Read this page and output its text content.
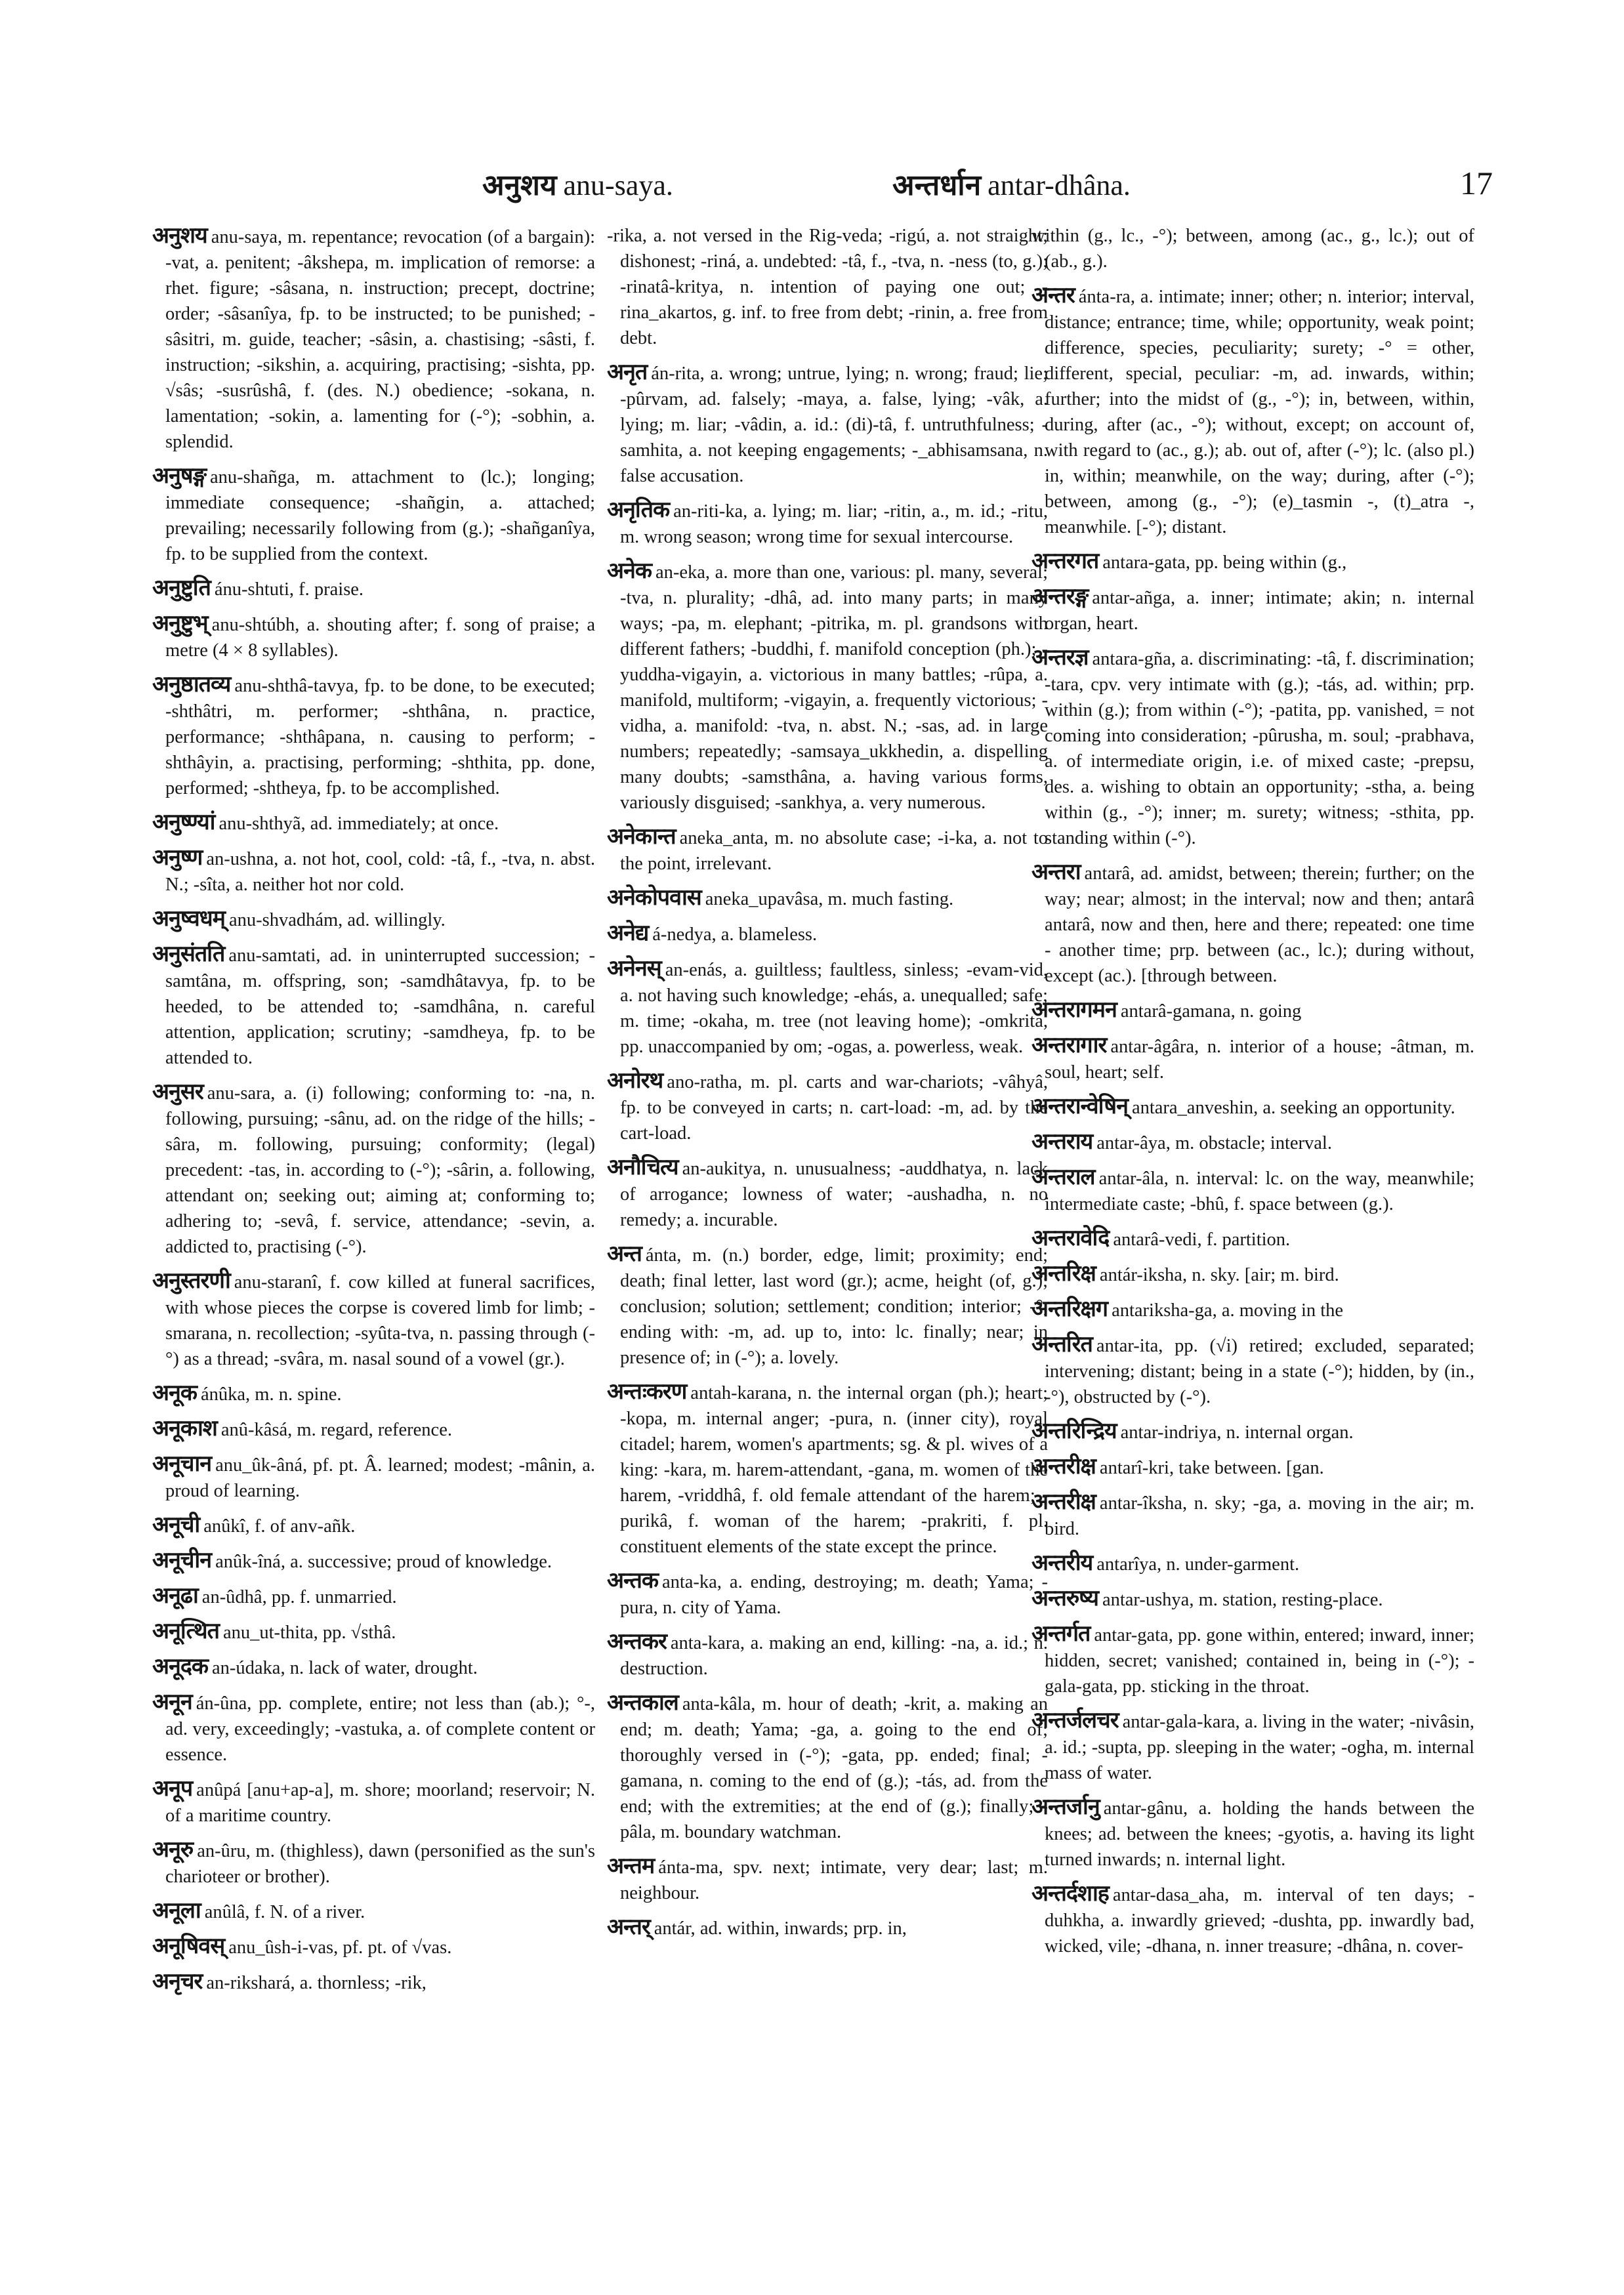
अनुशय anu-saya.	अन्तर्धान antar-dhâna.	17

अनुशय anu-saya, m. repentance; revocation (of a bargain): -vat, a. penitent; -âkshepa, m. implication of remorse: a rhet. figure; -sâsana, n. instruction; precept, doctrine; order; -sâsanîya, fp. to be instructed; to be punished; -sâsitri, m. guide, teacher; -sâsin, a. chastising; -sâsti, f. instruction; -sikshin, a. acquiring, practising; -sishta, pp. √sâs; -susrûshâ, f. (des. N.) obedience; -sokana, n. lamentation; -sokin, a. lamenting for (-°); -sobhin, a. splendid.

अनुषङ्ग anu-shañga, m. attachment to (lc.); longing; immediate consequence; -shañgin, a. attached; prevailing; necessarily following from (g.); -shañganîya, fp. to be supplied from the context.

अनुष्टुति ánu-shtuti, f. praise.

अनुष्टुभ् anu-shtúbh, a. shouting after; f. song of praise; a metre (4 × 8 syllables).

अनुष्ठातव्य anu-shthâ-tavya, fp. to be done, to be executed; -shthâtri, m. performer; -shthâna, n. practice, performance; -shthâpana, n. causing to perform; -shthâyin, a. practising, performing; -shthita, pp. done, performed; -shtheya, fp. to be accomplished.

अनुष्ण्यां anu-shthyã, ad. immediately; at once.

अनुष्ण an-ushna, a. not hot, cool, cold: -tâ, f., -tva, n. abst. N.; -sîta, a. neither hot nor cold.

अनुष्वधम् anu-shvadhám, ad. willingly.

अनुसंतति anu-samtati, ad. in uninterrupted succession; -samtâna, m. offspring, son; -samdhâtavya, fp. to be heeded, to be attended to; -samdhâna, n. careful attention, application; scrutiny; -samdheya, fp. to be attended to.

अनुसर anu-sara, a. (i) following; conforming to: -na, n. following, pursuing; -sânu, ad. on the ridge of the hills; -sâra, m. following, pursuing; conformity; (legal) precedent: -tas, in. according to (-°); -sârin, a. following, attendant on; seeking out; aiming at; conforming to; adhering to; -sevâ, f. service, attendance; -sevin, a. addicted to, practising (-°).

अनुस्तरणी anu-staranî, f. cow killed at funeral sacrifices, with whose pieces the corpse is covered limb for limb; -smarana, n. recollection; -syûta-tva, n. passing through (-°) as a thread; -svâra, m. nasal sound of a vowel (gr.).

अनूक ánûka, m. n. spine.

अनूकाश anû-kâsá, m. regard, reference.

अनूचान anu_ûk-âná, pf. pt. Â. learned; modest; -mânin, a. proud of learning.

अनूची anûkî, f. of anv-añk.

अनूचीन anûk-îná, a. successive; proud of knowledge.

अनूढा an-ûdhâ, pp. f. unmarried.

अनूत्थित anu_ut-thita, pp. √sthâ.

अनूदक an-údaka, n. lack of water, drought.

अनून án-ûna, pp. complete, entire; not less than (ab.); °-, ad. very, exceedingly; -vastuka, a. of complete content or essence.

अनूप anûpá [anu+ap-a], m. shore; moorland; reservoir; N. of a maritime country.

अनूरु an-ûru, m. (thighless), dawn (personified as the sun's charioteer or brother).

अनूला anûlâ, f. N. of a river.

अनूषिवस् anu_ûsh-i-vas, pf. pt. of √vas.

अनृचर an-rikshará, a. thornless; -rik,

-rika, a. not versed in the Rig-veda; -rigú, a. not straight; dishonest; -riná, a. undebted: -tâ, f., -tva, n. -ness (to, g.); -rinatâ-kritya, n. intention of paying one out; -rina_akartos, g. inf. to free from debt; -rinin, a. free from debt.

अनृत án-rita, a. wrong; untrue, lying; n. wrong; fraud; lie; -pûrvam, ad. falsely; -maya, a. false, lying; -vâk, a. lying; m. liar; -vâdin, a. id.: (di)-tâ, f. untruthfulness; -samhita, a. not keeping engagements; -_abhisamsana, n. false accusation.

अनृतिक an-riti-ka, a. lying; m. liar; -ritin, a., m. id.; -ritu, m. wrong season; wrong time for sexual intercourse.

अनेक an-eka, a. more than one, various: pl. many, several; -tva, n. plurality; -dhâ, ad. into many parts; in many ways; -pa, m. elephant; -pitrika, m. pl. grandsons with different fathers; -buddhi, f. manifold conception (ph.); -yuddha-vigayin, a. victorious in many battles; -rûpa, a. manifold, multiform; -vigayin, a. frequently victorious; -vidha, a. manifold: -tva, n. abst. N.; -sas, ad. in large numbers; repeatedly; -samsaya_ukkhedin, a. dispelling many doubts; -samsthâna, a. having various forms, variously disguised; -sankhya, a. very numerous.

अनेकान्त aneka_anta, m. no absolute case; -i-ka, a. not to the point, irrelevant.

अनेकोपवास aneka_upavâsa, m. much fasting.

अनेद्य á-nedya, a. blameless.

अनेनस् an-enás, a. guiltless; faultless, sinless; -evam-vid, a. not having such knowledge; -ehás, a. unequalled; safe; m. time; -okaha, m. tree (not leaving home); -omkrita, pp. unaccompanied by om; -ogas, a. powerless, weak.

अनोरथ ano-ratha, m. pl. carts and war-chariots; -vâhyâ, fp. to be conveyed in carts; n. cart-load: -m, ad. by the cart-load.

अनौचित्य an-aukitya, n. unusualness; -auddhatya, n. lack of arrogance; lowness of water; -aushadha, n. no remedy; a. incurable.

अन्त ánta, m. (n.) border, edge, limit; proximity; end; death; final letter, last word (gr.); acme, height (of, g.); conclusion; solution; settlement; condition; interior; -°, ending with: -m, ad. up to, into: lc. finally; near; in presence of; in (-°); a. lovely.

अन्तःकरण antah-karana, n. the internal organ (ph.); heart; -kopa, m. internal anger; -pura, n. (inner city), royal citadel; harem, women's apartments; sg. & pl. wives of a king: -kara, m. harem-attendant, -gana, m. women of the harem, -vriddhâ, f. old female attendant of the harem; -purikâ, f. woman of the harem; -prakriti, f. pl. constituent elements of the state except the prince.

अन्तक anta-ka, a. ending, destroying; m. death; Yama; -pura, n. city of Yama.

अन्तकर anta-kara, a. making an end, killing: -na, a. id.; n. destruction.

अन्तकाल anta-kâla, m. hour of death; -krit, a. making an end; m. death; Yama; -ga, a. going to the end of; thoroughly versed in (-°); -gata, pp. ended; final; -gamana, n. coming to the end of (g.); -tás, ad. from the end; with the extremities; at the end of (g.); finally; -pâla, m. boundary watchman.

अन्तम ánta-ma, spv. next; intimate, very dear; last; m. neighbour.

अन्तर् antár, ad. within, inwards; prp. in,

within (g., lc., -°); between, among (ac., g., lc.); out of (ab., g.).

अन्तर ánta-ra, a. intimate; inner; other; n. interior; interval, distance; entrance; time, while; opportunity, weak point; difference, species, peculiarity; surety; -° = other, different, special, peculiar: -m, ad. inwards, within; further; into the midst of (g., -°); in, between, within, during, after (ac., -°); without, except; on account of, with regard to (ac., g.); ab. out of, after (-°); lc. (also pl.) in, within; meanwhile, on the way; during, after (-°); between, among (g., -°); (e)_tasmin -, (t)_atra -, meanwhile. [-°); distant.

अन्तरगत antara-gata, pp. being within (g.,

अन्तरङ्ग antar-añga, a. inner; intimate; akin; n. internal organ, heart.

अन्तरज्ञ antara-gña, a. discriminating: -tâ, f. discrimination; -tara, cpv. very intimate with (g.); -tás, ad. within; prp. within (g.); from within (-°); -patita, pp. vanished, = not coming into consideration; -pûrusha, m. soul; -prabhava, a. of intermediate origin, i.e. of mixed caste; -prepsu, des. a. wishing to obtain an opportunity; -stha, a. being within (g., -°); inner; m. surety; witness; -sthita, pp. standing within (-°).

अन्तरा antarâ, ad. amidst, between; therein; further; on the way; near; almost; in the interval; now and then; antarâ antarâ, now and then, here and there; repeated: one time - another time; prp. between (ac., lc.); during without, except (ac.). [through between.

अन्तरागमन antarâ-gamana, n. going

अन्तरागार antar-âgâra, n. interior of a house; -âtman, m. soul, heart; self.

अन्तरान्वेषिन् antara_anveshin, a. seeking an opportunity.

अन्तराय antar-âya, m. obstacle; interval.

अन्तराल antar-âla, n. interval: lc. on the way, meanwhile; intermediate caste; -bhû, f. space between (g.).

अन्तरावेदि antarâ-vedi, f. partition.

अन्तरिक्ष antár-iksha, n. sky. [air; m. bird.

अन्तरिक्षग antariksha-ga, a. moving in the

अन्तरित antar-ita, pp. (√i) retired; excluded, separated; intervening; distant; being in a state (-°); hidden, by (in., -°), obstructed by (-°).

अन्तरिन्द्रिय antar-indriya, n. internal organ.

अन्तरीक्ष antarî-kri, take between. [gan.

अन्तरीक्ष antar-îksha, n. sky; -ga, a. moving in the air; m. bird.

अन्तरीय antarîya, n. under-garment.

अन्तरुष्य antar-ushya, m. station, resting-place.

अन्तर्गत antar-gata, pp. gone within, entered; inward, inner; hidden, secret; vanished; contained in, being in (-°); -gala-gata, pp. sticking in the throat.

अन्तर्जलचर antar-gala-kara, a. living in the water; -nivâsin, a. id.; -supta, pp. sleeping in the water; -ogha, m. internal mass of water.

अन्तर्जानु antar-gânu, a. holding the hands between the knees; ad. between the knees; -gyotis, a. having its light turned inwards; n. internal light.

अन्तर्दशाह antar-dasa_aha, m. interval of ten days; -duhkha, a. inwardly grieved; -dushta, pp. inwardly bad, wicked, vile; -dhana, n. inner treasure; -dhâna, n. cover-
